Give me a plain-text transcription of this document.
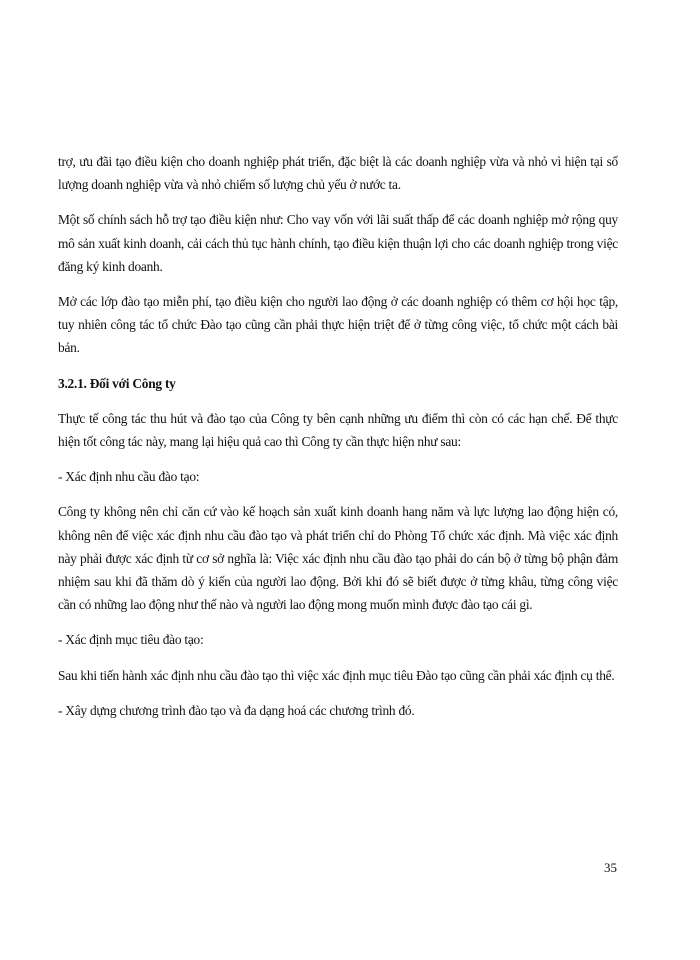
trợ, ưu đãi tạo điều kiện cho doanh nghiệp phát triển, đặc biệt là các doanh nghiệp vừa và nhỏ vì hiện tại số lượng doanh nghiệp vừa và nhỏ chiếm số lượng chủ yếu ở nước ta.

Một số chính sách hỗ trợ tạo điều kiện như: Cho vay vốn với lãi suất thấp để các doanh nghiệp mở rộng quy mô sản xuất kinh doanh, cải cách thủ tục hành chính, tạo điều kiện thuận lợi cho các doanh nghiệp trong việc đăng ký kinh doanh.

Mở các lớp đào tạo miễn phí, tạo điều kiện cho người lao động ở các doanh nghiệp có thêm cơ hội học tập, tuy nhiên công tác tổ chức Đào tạo cũng cần phải thực hiện triệt để ở từng công việc, tổ chức một cách bài bản.

3.2.1. Đối với Công ty

Thực tế công tác thu hút và đào tạo của Công ty bên cạnh những ưu điểm thì còn có các hạn chế. Để thực hiện tốt công tác này, mang lại hiệu quả cao thì Công ty cần thực hiện như sau:

- Xác định nhu cầu đào tạo:

Công ty không nên chỉ căn cứ vào kế hoạch sản xuất kinh doanh hang năm và lực lượng lao động hiện có, không nên để việc xác định nhu cầu đào tạo và phát triển chỉ do Phòng Tổ chức xác định. Mà việc xác định này phải được xác định từ cơ sở nghĩa là: Việc xác định nhu cầu đào tạo phải do cán bộ ở từng bộ phận đảm nhiệm sau khi đã thăm dò ý kiến của người lao động. Bởi khi đó sẽ biết được ở từng khâu, từng công việc cần có những lao động như thế nào và người lao động mong muốn mình được đào tạo cái gì.

- Xác định mục tiêu đào tạo:

Sau khi tiến hành xác định nhu cầu đào tạo thì việc xác định mục tiêu Đào tạo cũng cần phải xác định cụ thể.

- Xây dựng chương trình đào tạo và đa dạng hoá các chương trình đó.

35
